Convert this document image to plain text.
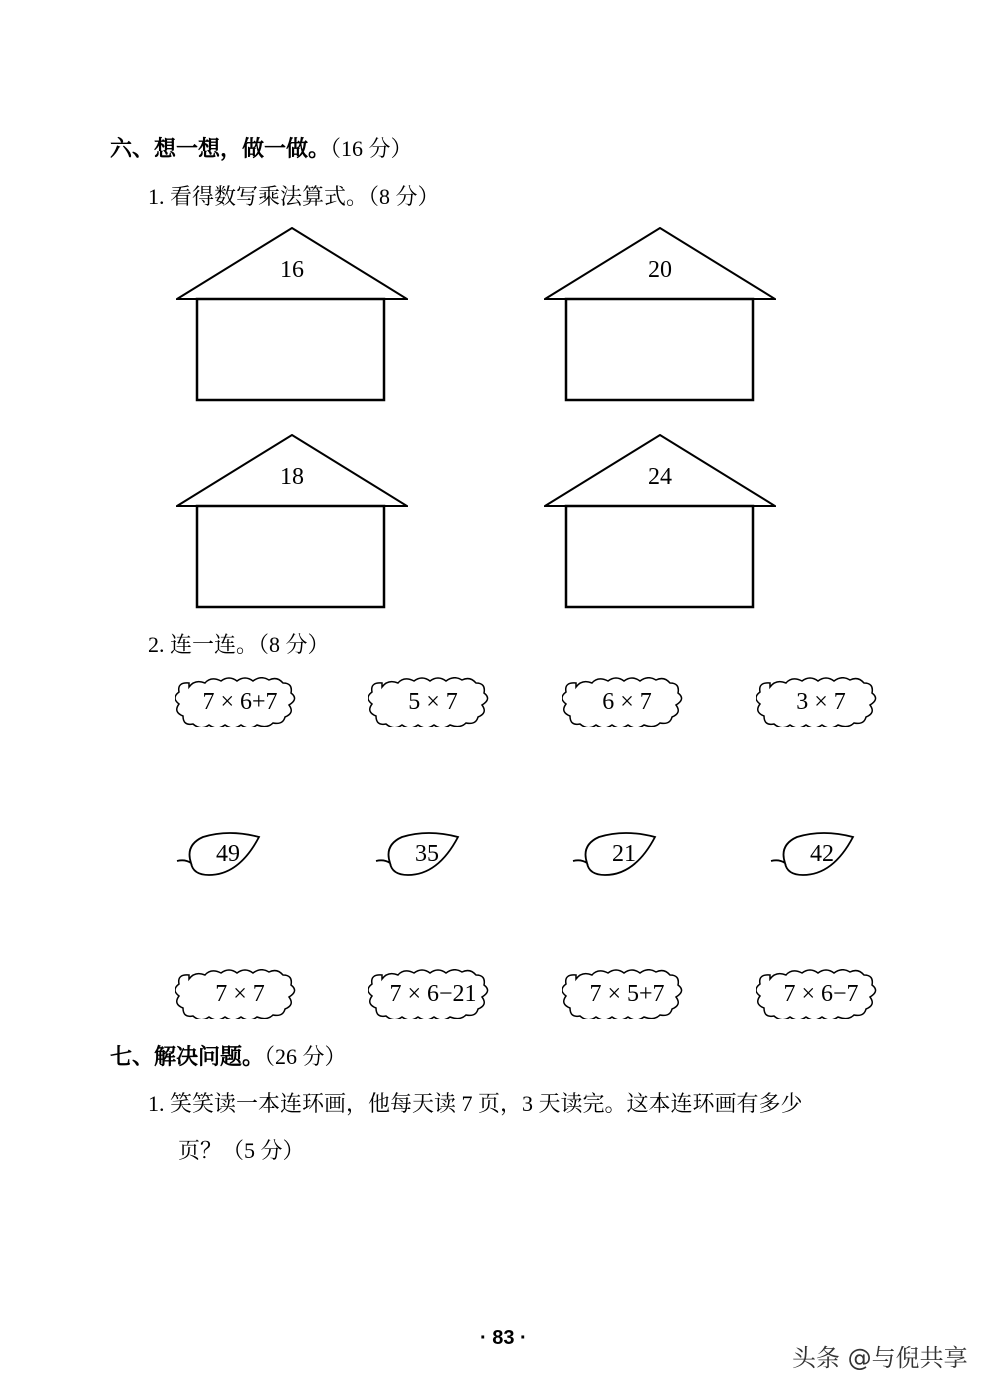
六、想一想，做一做。（16 分）
1. 看得数写乘法算式。（8 分）
16	20
18	24
2. 连一连。（8 分）
7 × 6+7	5 × 7	6 × 7	3 × 7
49	35	21	42
7 × 7	7 × 6−21	7 × 5+7	7 × 6−7
七、解决问题。（26 分）
1. 笑笑读一本连环画，他每天读 7 页，3 天读完。这本连环画有多少
页？（5 分）
· 83 ·
头条 @与倪共享
